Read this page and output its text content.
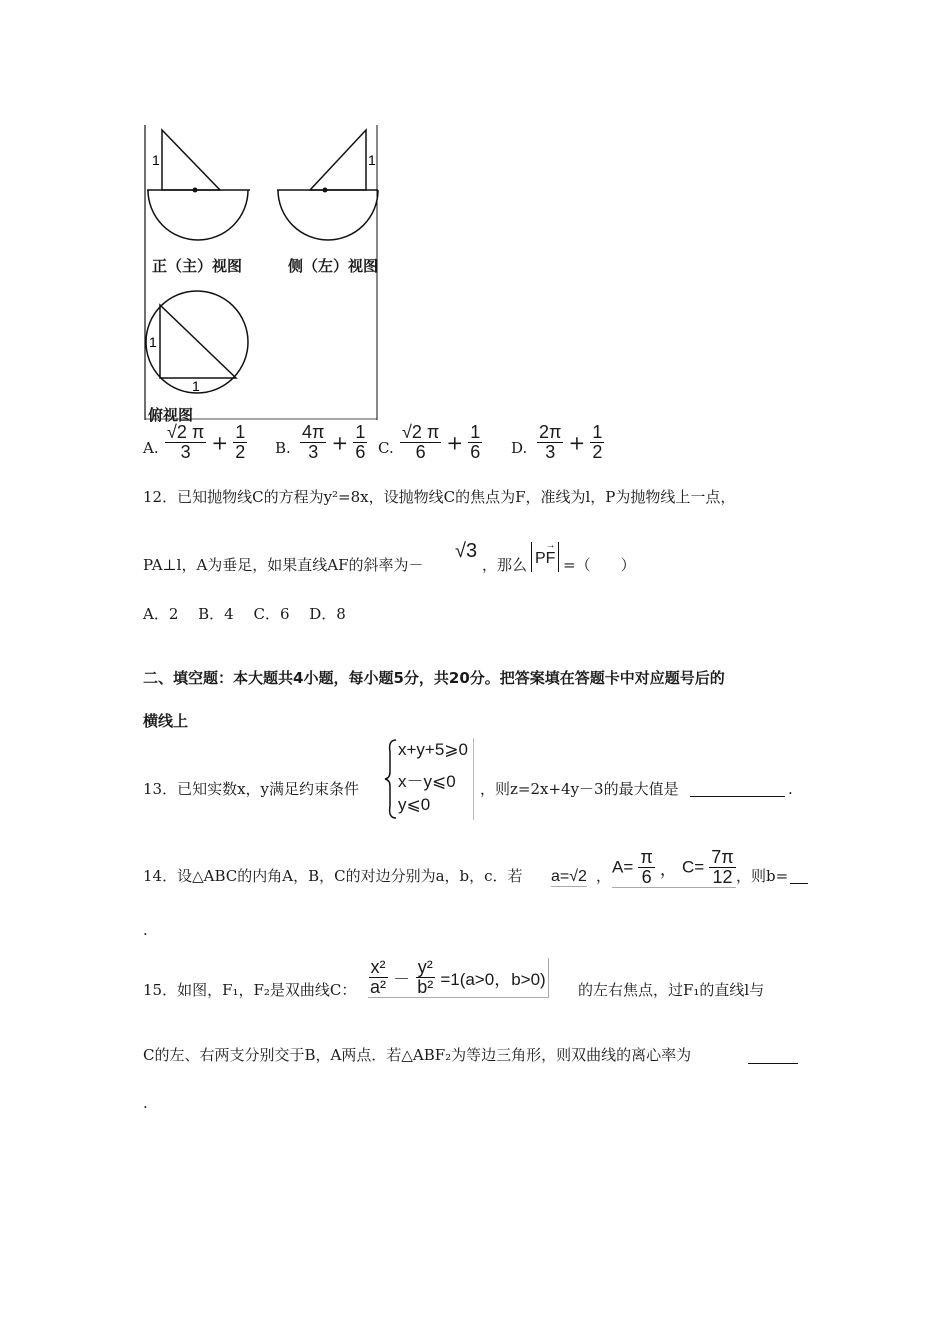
1	1
1
1
正（主）视图	侧（左）视图
俯视图
A. $\frac{√2 \pi}{3} + \frac{1}{2} B$. $\frac{4\pi}{3} + \frac{1}{6} C$. $\frac{√2 \pi}{6} + \frac{1}{6} D$. $\frac{2\pi}{3} + \frac{1}{2}$
12．已知抛物线C的方程为y²=8x，设抛物线C的焦点为F，准线为l，P为抛物线上一点，
PA⊥l，A为垂足，如果直线AF的斜率为－
√3
，那么
→
PF =（　　）
A．2　 B．4　 C．6　 D．8
二、填空题：本大题共4小题，每小题5分，共20分。把答案填在答题卡中对应题号后的
横线上
13．已知实数x，y满足约束条件
x+y+5⩾0
x－y⩽0
y⩽0
，则z=2x+4y－3的最大值是	.
14．设△ABC的内角A，B，C的对边分别为a，b，c．若 a=√2 ， $A= \frac{\pi}{6}$ ， $C= \frac{7\pi}{12}$ ，则b=
.
15．如图，F₁，F₂是双曲线C： $\frac{\text{x²}}{\text{a²}} - \frac{\text{y²}}{\text{b²}} =1(a>0$，b>0)
的左右焦点，过F₁的直线l与
C的左、右两支分别交于B，A两点．若△ABF₂为等边三角形，则双曲线的离心率为
.
